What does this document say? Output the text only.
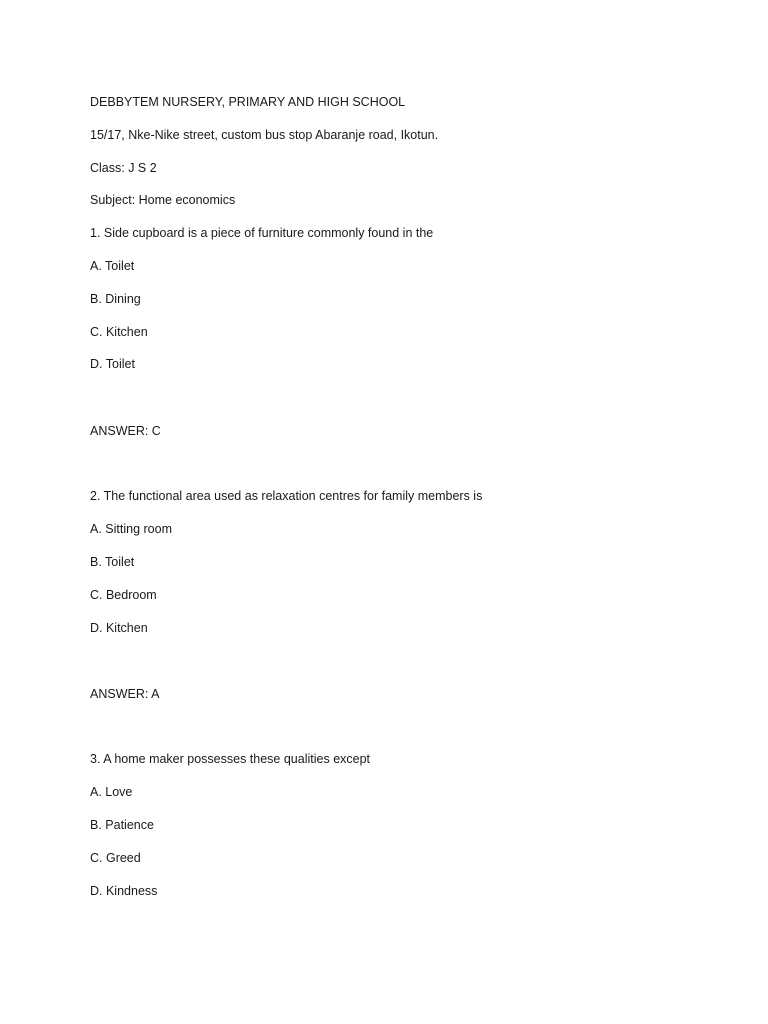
DEBBYTEM NURSERY, PRIMARY AND HIGH SCHOOL
15/17, Nke-Nike street, custom bus stop Abaranje road, Ikotun.
Class: J S 2
Subject: Home economics
1. Side cupboard is a piece of furniture commonly found in the
A. Toilet
B. Dining
C. Kitchen
D. Toilet
ANSWER: C
2. The functional area used as relaxation centres for family members is
A. Sitting room
B. Toilet
C. Bedroom
D. Kitchen
ANSWER: A
3. A home maker possesses these qualities except
A. Love
B. Patience
C. Greed
D. Kindness
